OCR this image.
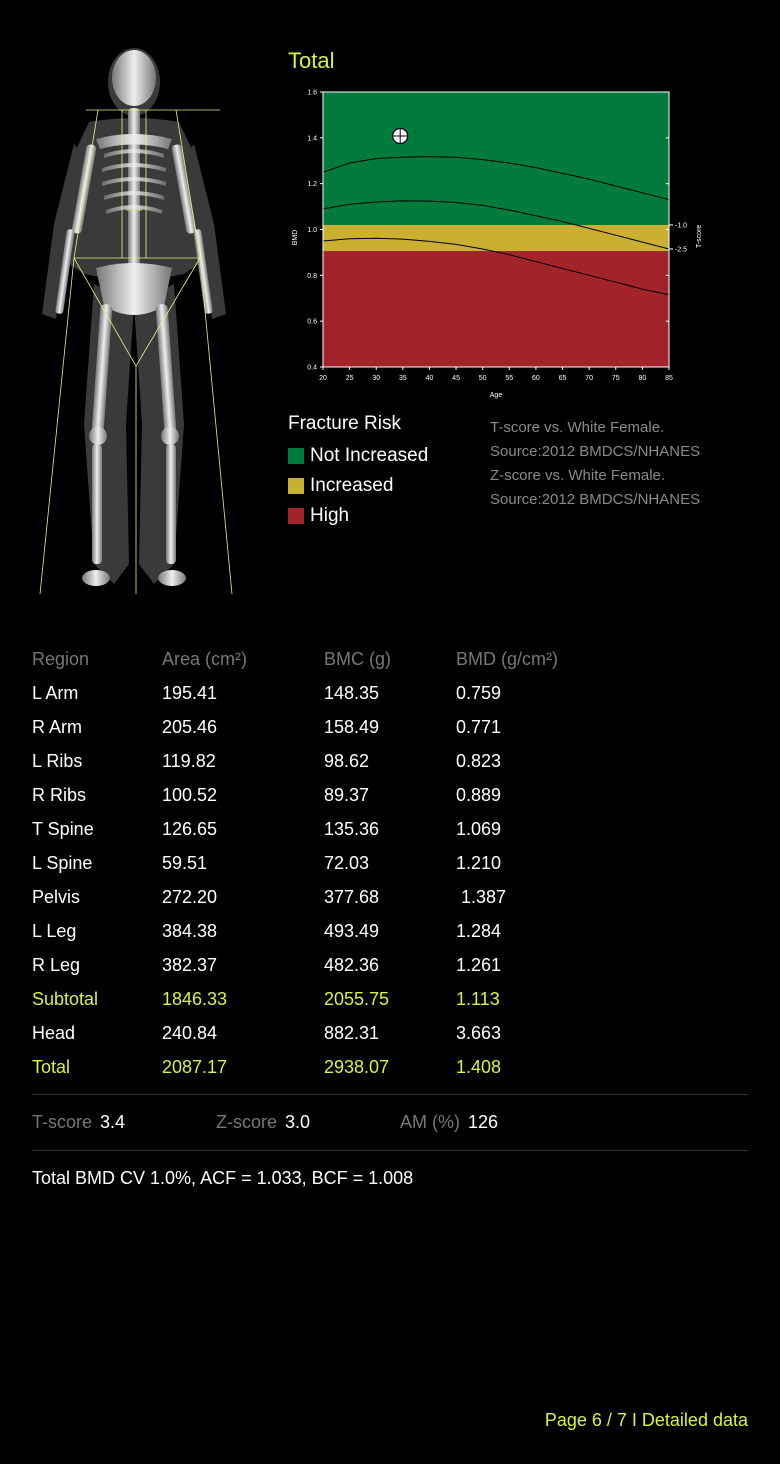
Total
0.4
0.6
0.8
1.0
1.2
1.4
1.6
20	25	30	35	40	45	50	55	60	65	70	75	80	85
-1.0
-2.5
Age
BMD	T-score
Fracture Risk
Not Increased
Increased
High
T-score vs. White Female.
Source:2012 BMDCS/NHANES
Z-score vs. White Female.
Source:2012 BMDCS/NHANES
Region	Area (cm²)	BMC (g)	BMD (g/cm²)
L Arm	195.41	148.35	0.759
R Arm	205.46	158.49	0.771
L Ribs	119.82	98.62	0.823
R Ribs	100.52	89.37	0.889
T Spine	126.65	135.36	1.069
L Spine	59.51	72.03	1.210
Pelvis	272.20	377.68	1.387
L Leg	384.38	493.49	1.284
R Leg	382.37	482.36	1.261
Subtotal	1846.33	2055.75	1.113
Head	240.84	882.31	3.663
Total	2087.17	2938.07	1.408
T-score 3.4	Z-score 3.0	AM (%) 126
Total BMD CV 1.0%, ACF = 1.033, BCF = 1.008
Page 6 / 7 I Detailed data
